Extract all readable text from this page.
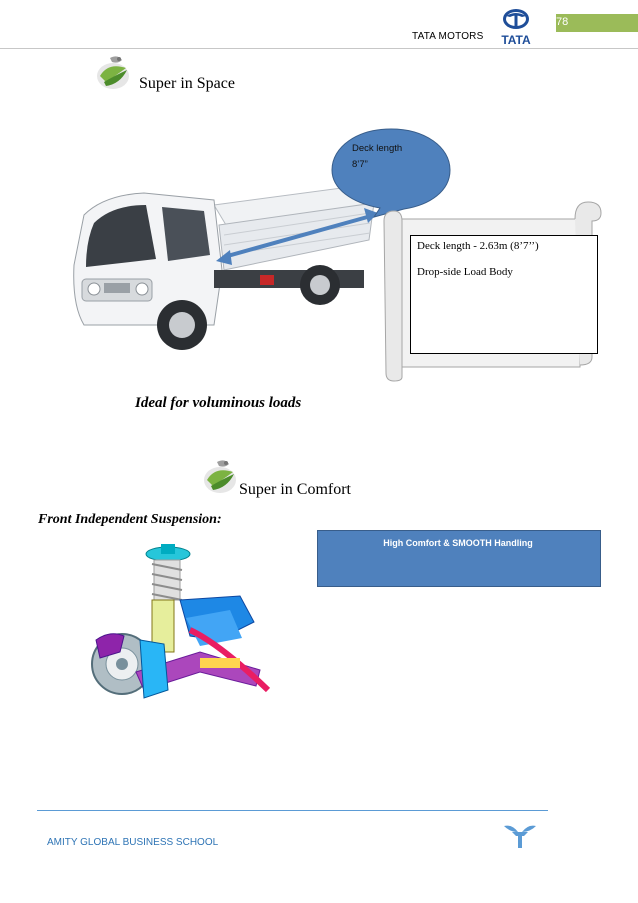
78
TATA MOTORS TATA
Super in Space
Deck length
8’7”
Deck length - 2.63m (8’7’’)
Drop-side Load Body
Ideal for voluminous loads
Super in Comfort
Front Independent Suspension:
High Comfort & SMOOTH Handling
AMITY GLOBAL BUSINESS SCHOOL
